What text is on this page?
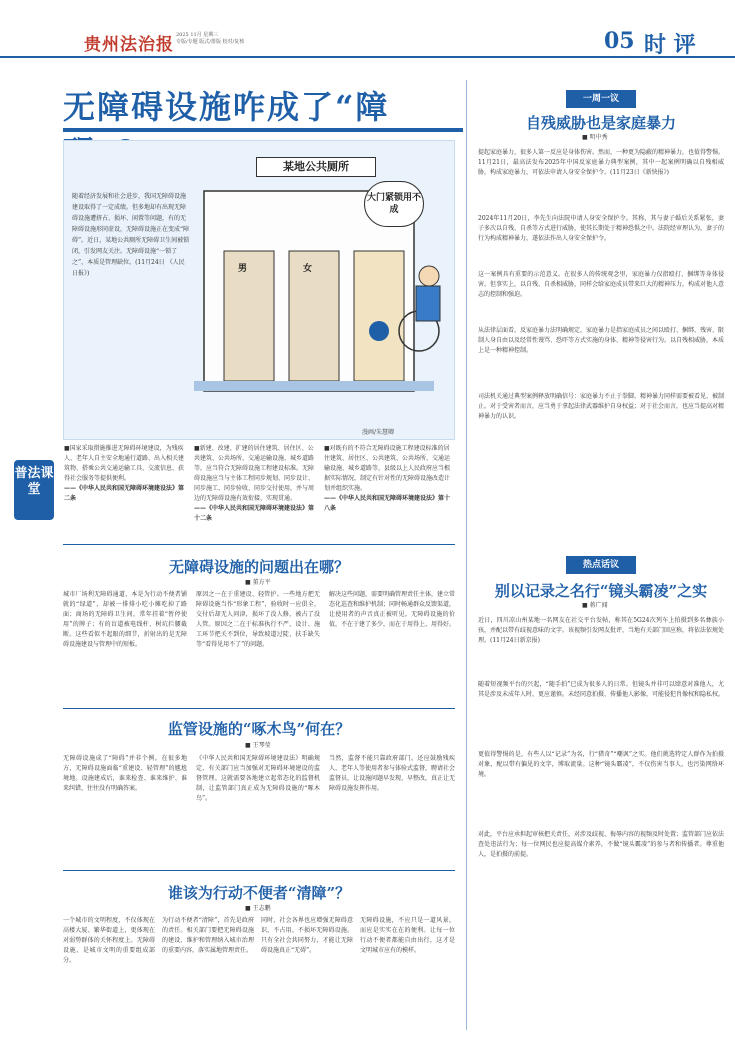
贵州法治报 2025 11月 星期三
专版/专题 版式/排版 校对/复核	05 时 评
无障碍设施咋成了“障
随着经济发展和社会进步，我国无障碍设施建设取得了一定成绩。但多地却有出现无障碍设施遭挤占、损坏、闲置等问题，有的无障碍设施形同虚设，无障碍设施正在变成“障碍”。近日，某地公共厕所无障碍卫生间被锁闭，引发网友关注。无障碍设施“一锁了之”，本质是管理缺位。(11月24日 《人民日报》)	男	女
某地公共厕所
大门紧锁用不成
漫画/朱慧卿
普法课堂
■国家采取措施推进无障碍环境建设，为残疾人、老年人自主安全地通行道路、出入相关建筑物、搭乘公共交通运输工具、交流信息、获得社会服务等提供便利。
——《中华人民共和国无障碍环境建设法》第二条
■新建、改建、扩建的居住建筑、居住区、公共建筑、公共场所、交通运输设施、城乡道路等，应当符合无障碍设施工程建设标准。无障碍设施应当与主体工程同步规划、同步设计、同步施工、同步验收、同步交付使用，并与周边的无障碍设施有效衔接、实现贯通。
——《中华人民共和国无障碍环境建设法》第十二条
■对既有的不符合无障碍设施工程建设标准的居住建筑、居住区、公共建筑、公共场所、交通运输设施、城乡道路等，县级以上人民政府应当根据实际情况，制定有针对性的无障碍设施改造计划并组织实施。
——《中华人民共和国无障碍环境建设法》第十八条
无障碍设施的问题出在哪？
■ 董方平
城市厂场利无障碍通道，本是为行动不便者铺就的“绿道”，却被一排排小吃小摊吃掉了路面；商场的无障碍卫生间，常年挂着“暂停使用”的牌子；有的盲道被电线杆、树坑拦腰截断。这些看似不起眼的细节，折射出的是无障碍设施建设与管理中的短板。
原因之一在于重建设、轻管护。一些地方把无障碍设施当作“形象工程”，验收时一应俱全，交付后却无人问津，损坏了没人修，被占了没人管。原因之二在于标准执行不严，设计、施工环节把关不到位，导致坡道过陡、扶手缺失等“看得见用不了”的问题。
解决这些问题，需要明确管理责任主体，建立常态化巡查和维护机制；同时畅通群众反馈渠道，让使用者的声音真正被听见。无障碍设施的价值，不在于建了多少，而在于用得上、用得好。
监管设施的“啄木鸟”何在？
■ 王琴莹
无障碍设施成了“障碍”并非个例。在很多地方，无障碍设施面临“重建设、轻管理”的尴尬境地。设施建成后，谁来检查、谁来维护、谁来纠错，往往没有明确答案。
《中华人民共和国无障碍环境建设法》明确规定，有关部门应当加强对无障碍环境建设的监督管理。这就需要各地建立起常态化的监督机制，让监管部门真正成为无障碍设施的“啄木鸟”。
当然，监督不能只靠政府部门。还应鼓励残疾人、老年人等使用者参与体验式监督，聘请社会监督员，让设施问题早发现、早整改，真正让无障碍设施发挥作用。
谁该为行动不便者“清障”？
■ 王志鹏
一个城市的文明程度，不仅体现在高楼大厦、繁华街道上，更体现在对弱势群体的关怀程度上。无障碍设施，是城市文明的重要组成部分。
为行动不便者“清障”，首先是政府的责任。相关部门要把无障碍设施的建设、维护和管理纳入城市治理的重要内容，落实属地管理责任。
同时，社会各界也应增强无障碍意识，不占用、不损坏无障碍设施。只有全社会共同努力，才能让无障碍设施真正“无碍”。
无障碍设施，不应只是一道风景，而应是实实在在的便利。让每一位行动不便者都能自由出行，这才是文明城市应有的模样。
一周一议
自残威胁也是家庭暴力
■ 明中秀
提起家庭暴力，很多人第一反应是身体伤害。然而，一种更为隐蔽的精神暴力，也值得警惕。11月21日，最高法发布2025年中国反家庭暴力典型案例，其中一起案例明确以自残相威胁，构成家庭暴力，可依法申请人身安全保护令。(11月23日《新快报》)
2024年11月20日，李先生向法院申请人身安全保护令。其称，其与妻子婚后关系紧张，妻子多次以自残、自杀等方式进行威胁，使其长期处于精神恐惧之中。法院经审理认为，妻子的行为构成精神暴力，遂依法作出人身安全保护令。
这一案例具有重要的示范意义。在很多人的传统观念里，家庭暴力仅指殴打、捆绑等身体侵害。但事实上，以自残、自杀相威胁，同样会给家庭成员带来巨大的精神压力，构成对他人意志的控制和强迫。
从法律层面看，反家庭暴力法明确规定，家庭暴力是指家庭成员之间以殴打、捆绑、残害、限制人身自由以及经常性谩骂、恐吓等方式实施的身体、精神等侵害行为。以自残相威胁，本质上是一种精神控制。
司法机关通过典型案例释放明确信号：家庭暴力不止于拳脚，精神暴力同样需要被看见、被制止。对于受害者而言，应当勇于拿起法律武器维护自身权益；对于社会而言，也应当提高对精神暴力的认识。
热点话议
别以记录之名行“镜头霸凌”之实
■ 蒋广闻
近日，四川凉山州某地一名网友在社交平台发帖，称其在5G24次列车上拍摄到多名彝族小孩，并配以带有歧视意味的文字。该视频引发网友批评，当地有关部门回应称，将依法依规处理。(11月24日新京报)
随着短视频平台的兴起，“随手拍”已成为很多人的日常。但镜头并非可以肆意对准他人，尤其是涉及未成年人时，更应谨慎。未经同意拍摄、传播他人影像，可能侵犯肖像权和隐私权。
更值得警惕的是，有些人以“记录”为名，行“猎奇”“嘲讽”之实。他们挑选特定人群作为拍摄对象，配以带有偏见的文字，博取流量。这种“镜头霸凌”，不仅伤害当事人，也污染网络环境。
对此，平台应承担起审核把关责任，对涉及歧视、侮辱内容的视频及时处置；监管部门应依法查处违法行为；每一位网民也应提高媒介素养，不做“镜头霸凌”的参与者和传播者。尊重他人，是拍摄的前提。
